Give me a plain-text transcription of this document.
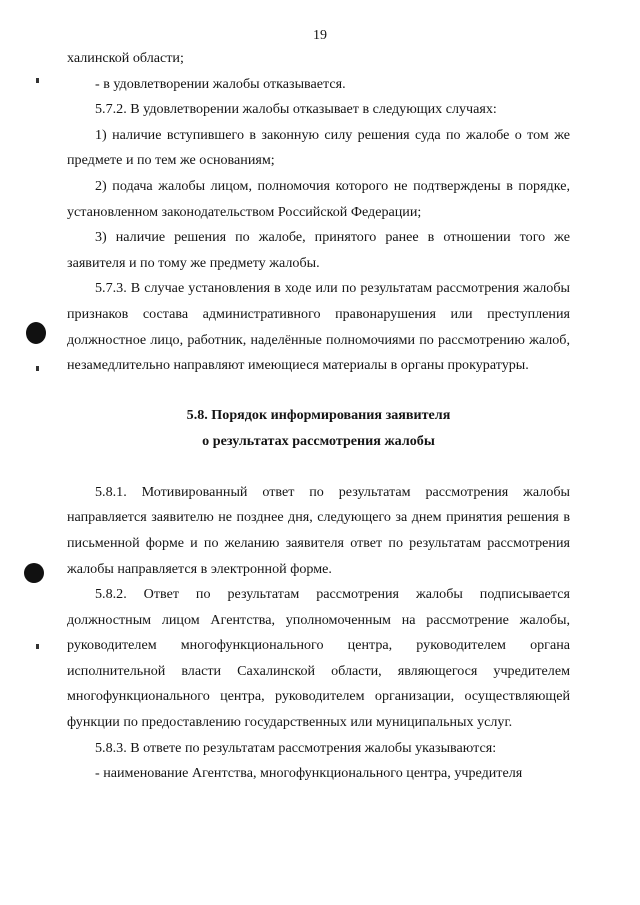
19

халинской области;

- в удовлетворении жалобы отказывается.

5.7.2. В удовлетворении жалобы отказывает в следующих случаях:

1) наличие вступившего в законную силу решения суда по жалобе о том же предмете и по тем же основаниям;

2) подача жалобы лицом, полномочия которого не подтверждены в порядке, установленном законодательством Российской Федерации;

3) наличие решения по жалобе, принятого ранее в отношении того же заявителя и по тому же предмету жалобы.

5.7.3. В случае установления в ходе или по результатам рассмотрения жалобы признаков состава административного правонарушения или преступления должностное лицо, работник, наделённые полномочиями по рассмотрению жалоб, незамедлительно направляют имеющиеся материалы в органы прокуратуры.

5.8. Порядок информирования заявителя

о результатах рассмотрения жалобы

5.8.1. Мотивированный ответ по результатам рассмотрения жалобы направляется заявителю не позднее дня, следующего за днем принятия решения в письменной форме и по желанию заявителя ответ по результатам рассмотрения жалобы направляется в электронной форме.

5.8.2. Ответ по результатам рассмотрения жалобы подписывается должностным лицом Агентства, уполномоченным на рассмотрение жалобы, руководителем многофункционального центра, руководителем органа исполнительной власти Сахалинской области, являющегося учредителем многофункционального центра, руководителем организации, осуществляющей функции по предоставлению государственных или муниципальных услуг.

5.8.3. В ответе по результатам рассмотрения жалобы указываются:

- наименование Агентства, многофункционального центра, учредителя
